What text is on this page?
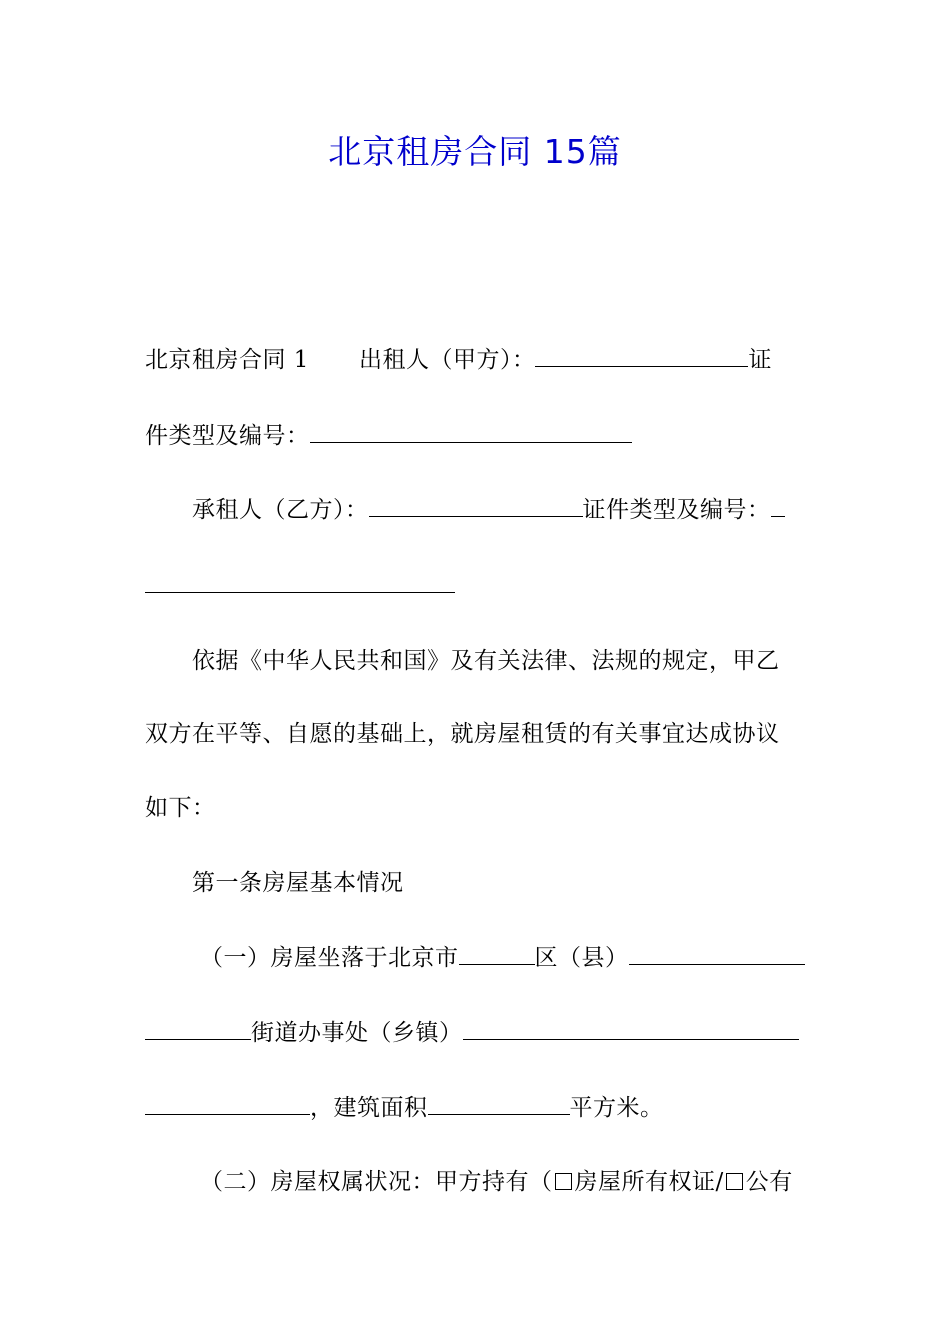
北京租房合同 15篇
北京租房合同 1 出租人（甲方）：	证
件类型及编号：
承租人（乙方）：	证件类型及编号：
依据《中华人民共和国》及有关法律、法规的规定，甲乙
双方在平等、自愿的基础上，就房屋租赁的有关事宜达成协议
如下：
第一条房屋基本情况
（一）房屋坐落于北京市	区（县）
街道办事处（乡镇）
，建筑面积	平方米。
（二）房屋权属状况：甲方持有（ 房屋所有权证/ 公有
